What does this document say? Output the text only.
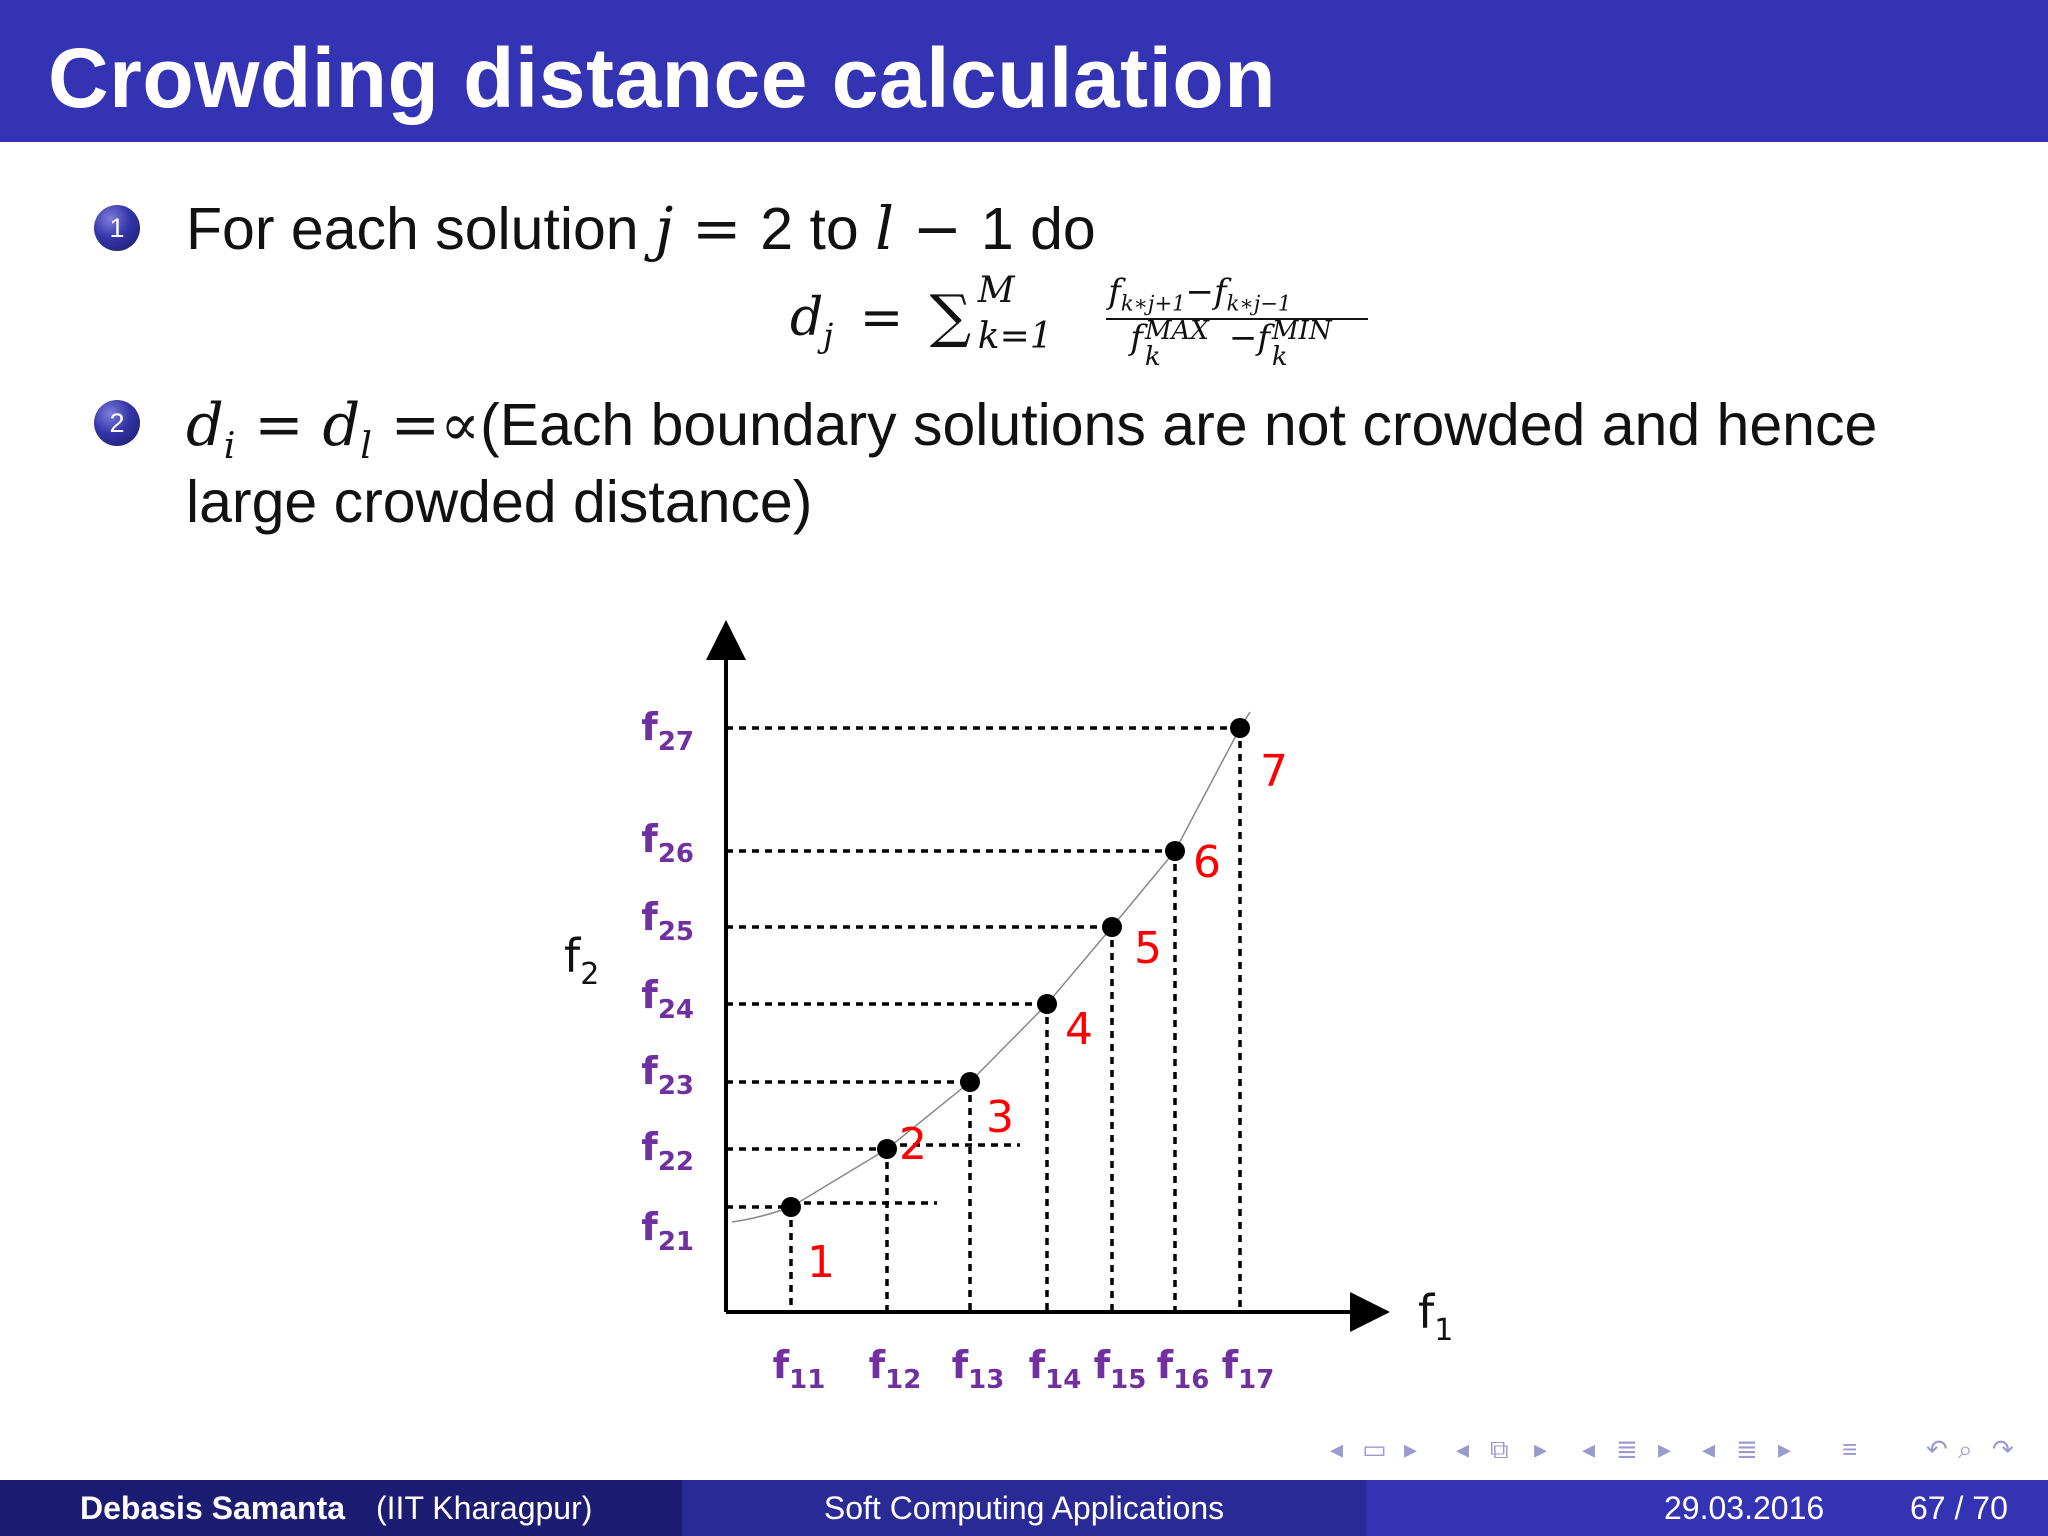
Crowding distance calculation
1 For each solution j = 2 to l − 1 do
$d_j$ = ∑ M
k=1
$f_{k∗j+1}-f_{k∗j-1}$
f MAX
k −f MIN
k
2 $d_i = d_l$ =∝(Each boundary solutions are not crowded and hence
large crowded distance)
1
2
3
4
5
6
7
$f_{11}$ $f_{12}$ $f_{13}$ $f_{14}$ $f_{15}$ $f_{16}$ $f_{17}$
$f_{21}$
$f_{22}$
$f_{23}$
$f_{24}$
$f_{25}$
$f_{26}$
$f_{27}$
$f_2$
$f_1$
◂ ▭ ▸ ◂ ⧉ ▸ ◂ ≣ ▸ ◂ ≣ ▸ ≡	↶ ⌕ ↷
Debasis Samanta (IIT Kharagpur)	Soft Computing Applications	29.03.2016	67 / 70
